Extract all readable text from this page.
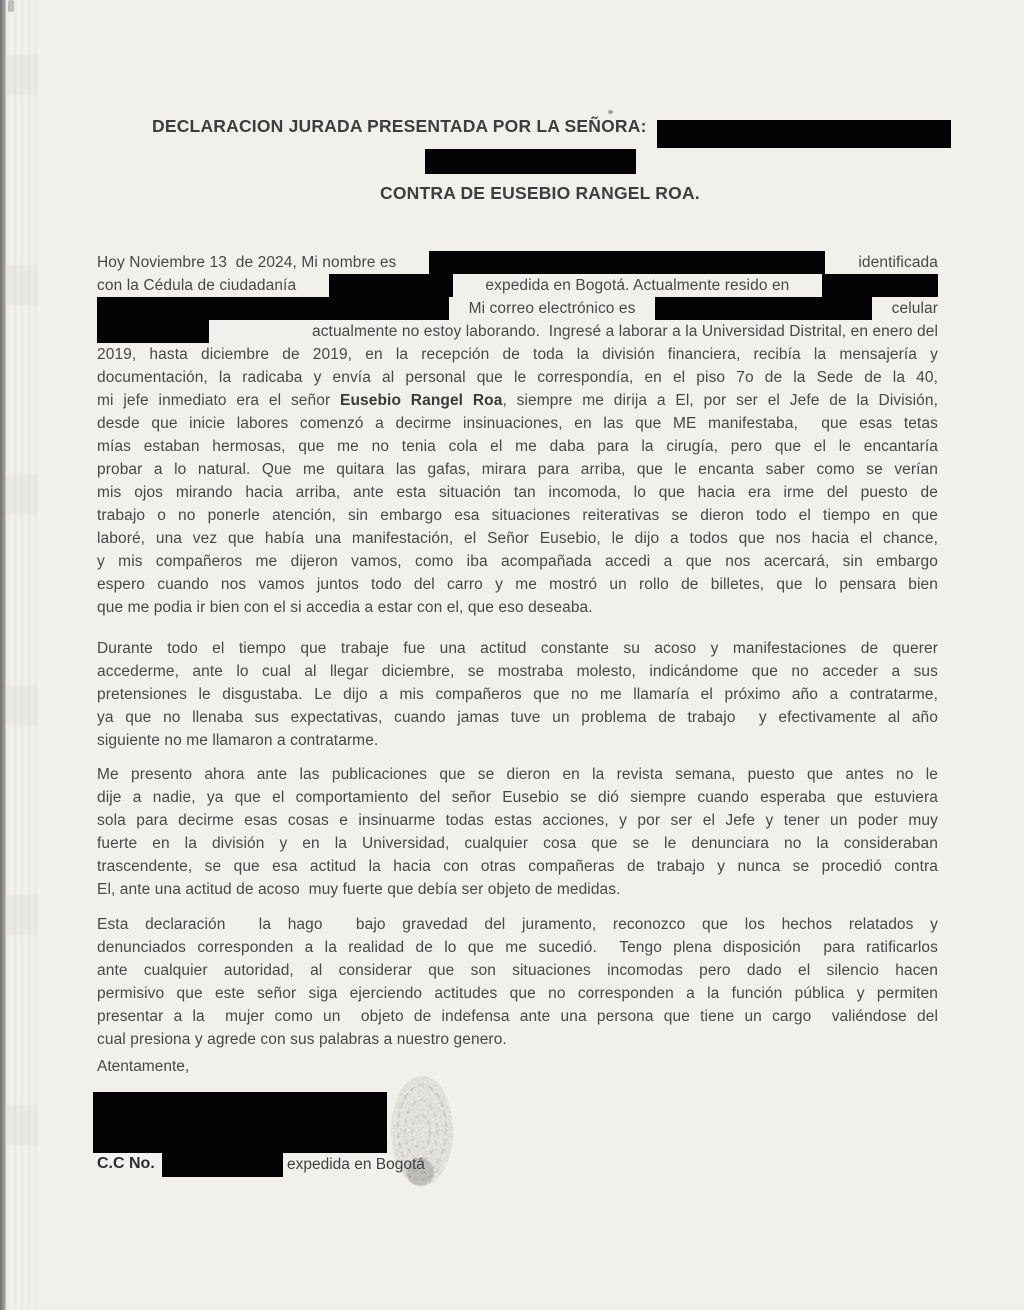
DECLARACION JURADA PRESENTADA POR LA SEÑORA:
CONTRA DE EUSEBIO RANGEL ROA.
Hoy Noviembre 13  de 2024, Mi nombre es	identificada
con la Cédula de ciudadanía	expedida en Bogotá. Actualmente resido en
Mi correo electrónico es	celular
actualmente no estoy laborando.  Ingresé a laborar a la Universidad Distrital, en enero del
2019, hasta diciembre de 2019, en la recepción de toda la división financiera, recibía la mensajería y
documentación, la radicaba y envía al personal que le correspondía, en el piso 7o de la Sede de la 40,
mi jefe inmediato era el señor Eusebio Rangel Roa, siempre me dirija a El, por ser el Jefe de la División,
desde que inicie labores comenzó a decirme insinuaciones, en las que ME manifestaba,  que esas tetas
mías estaban hermosas, que me no tenia cola el me daba para la cirugía, pero que el le encantaría
probar a lo natural. Que me quitara las gafas, mirara para arriba, que le encanta saber como se verían
mis ojos mirando hacia arriba, ante esta situación tan incomoda, lo que hacia era irme del puesto de
trabajo o no ponerle atención, sin embargo esa situaciones reiterativas se dieron todo el tiempo en que
laboré, una vez que había una manifestación, el Señor Eusebio, le dijo a todos que nos hacia el chance,
y mis compañeros me dijeron vamos, como iba acompañada accedi a que nos acercará, sin embargo
espero cuando nos vamos juntos todo del carro y me mostró un rollo de billetes, que lo pensara bien
que me podia ir bien con el si accedia a estar con el, que eso deseaba.
Durante todo el tiempo que trabaje fue una actitud constante su acoso y manifestaciones de querer
accederme, ante lo cual al llegar diciembre, se mostraba molesto, indicándome que no acceder a sus
pretensiones le disgustaba. Le dijo a mis compañeros que no me llamaría el próximo año a contratarme,
ya que no llenaba sus expectativas, cuando jamas tuve un problema de trabajo  y efectivamente al año
siguiente no me llamaron a contratarme.
Me presento ahora ante las publicaciones que se dieron en la revista semana, puesto que antes no le
dije a nadie, ya que el comportamiento del señor Eusebio se dió siempre cuando esperaba que estuviera
sola para decirme esas cosas e insinuarme todas estas acciones, y por ser el Jefe y tener un poder muy
fuerte en la división y en la Universidad, cualquier cosa que se le denunciara no la consideraban
trascendente, se que esa actitud la hacia con otras compañeras de trabajo y nunca se procedió contra
El, ante una actitud de acoso  muy fuerte que debía ser objeto de medidas.
Esta declaración  la hago  bajo gravedad del juramento, reconozco que los hechos relatados y
denunciados corresponden a la realidad de lo que me sucedió.  Tengo plena disposición  para ratificarlos
ante cualquier autoridad, al considerar que son situaciones incomodas pero dado el silencio hacen
permisivo que este señor siga ejerciendo actitudes que no corresponden a la función pública y permiten
presentar a la  mujer como un  objeto de indefensa ante una persona que tiene un cargo  valiéndose del
cual presiona y agrede con sus palabras a nuestro genero.
Atentamente,
C.C No.	expedida en Bogotá
